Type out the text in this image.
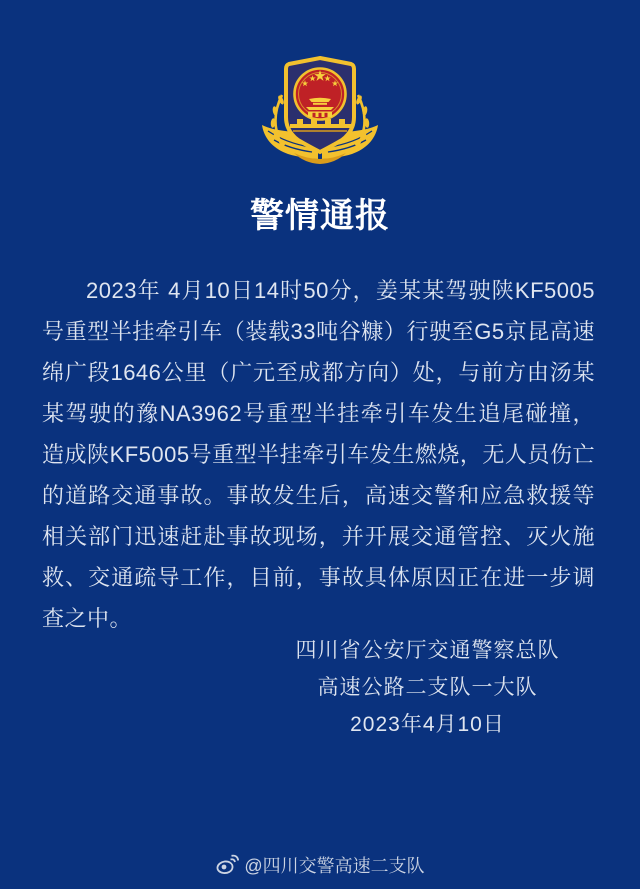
警情通报
2023年 4月10日14时50分，姜某某驾驶陕KF5005号重型半挂牵引车（装载33吨谷糠）行驶至G5京昆高速绵广段1646公里（广元至成都方向）处，与前方由汤某某驾驶的豫NA3962号重型半挂牵引车发生追尾碰撞，造成陕KF5005号重型半挂牵引车发生燃烧，无人员伤亡的道路交通事故。事故发生后，高速交警和应急救援等相关部门迅速赶赴事故现场，并开展交通管控、灭火施救、交通疏导工作，目前，事故具体原因正在进一步调查之中。
四川省公安厅交通警察总队
高速公路二支队一大队
2023年4月10日
@四川交警高速二支队
